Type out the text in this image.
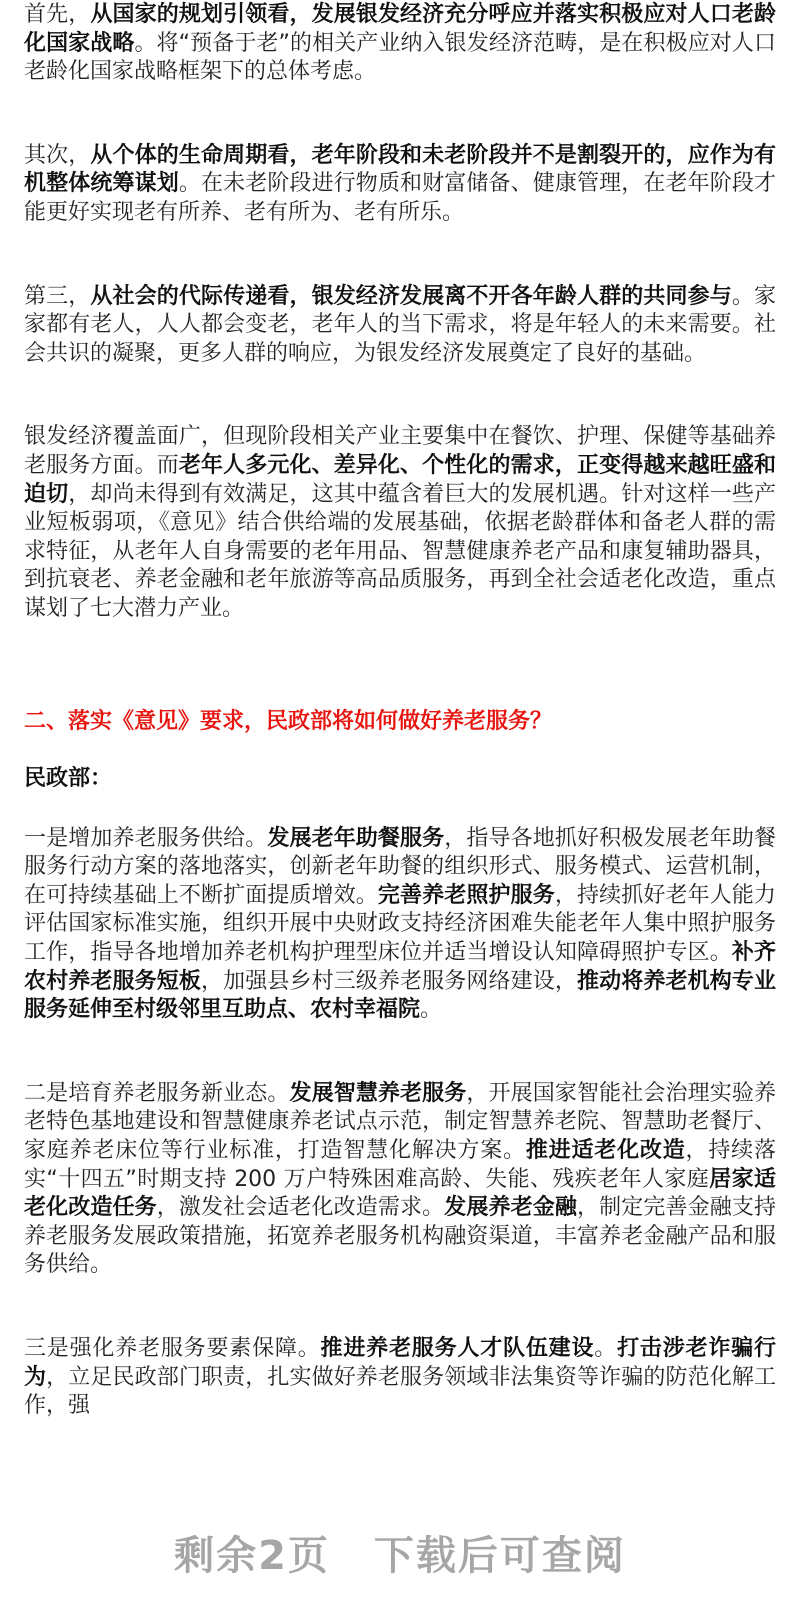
首先，从国家的规划引领看，发展银发经济充分呼应并落实积极应对人口老龄化国家战略。将“预备于老”的相关产业纳入银发经济范畴，是在积极应对人口老龄化国家战略框架下的总体考虑。

其次，从个体的生命周期看，老年阶段和未老阶段并不是割裂开的，应作为有机整体统筹谋划。在未老阶段进行物质和财富储备、健康管理，在老年阶段才能更好实现老有所养、老有所为、老有所乐。

第三，从社会的代际传递看，银发经济发展离不开各年龄人群的共同参与。家家都有老人，人人都会变老，老年人的当下需求，将是年轻人的未来需要。社会共识的凝聚，更多人群的响应，为银发经济发展奠定了良好的基础。

银发经济覆盖面广，但现阶段相关产业主要集中在餐饮、护理、保健等基础养老服务方面。而老年人多元化、差异化、个性化的需求，正变得越来越旺盛和迫切，却尚未得到有效满足，这其中蕴含着巨大的发展机遇。针对这样一些产业短板弱项，《意见》结合供给端的发展基础，依据老龄群体和备老人群的需求特征，从老年人自身需要的老年用品、智慧健康养老产品和康复辅助器具，到抗衰老、养老金融和老年旅游等高品质服务，再到全社会适老化改造，重点谋划了七大潜力产业。

二、落实《意见》要求，民政部将如何做好养老服务？

民政部：

一是增加养老服务供给。发展老年助餐服务，指导各地抓好积极发展老年助餐服务行动方案的落地落实，创新老年助餐的组织形式、服务模式、运营机制，在可持续基础上不断扩面提质增效。完善养老照护服务，持续抓好老年人能力评估国家标准实施，组织开展中央财政支持经济困难失能老年人集中照护服务工作，指导各地增加养老机构护理型床位并适当增设认知障碍照护专区。补齐农村养老服务短板，加强县乡村三级养老服务网络建设，推动将养老机构专业服务延伸至村级邻里互助点、农村幸福院。

二是培育养老服务新业态。发展智慧养老服务，开展国家智能社会治理实验养老特色基地建设和智慧健康养老试点示范，制定智慧养老院、智慧助老餐厅、家庭养老床位等行业标准，打造智慧化解决方案。推进适老化改造，持续落实“十四五”时期支持 200 万户特殊困难高龄、失能、残疾老年人家庭居家适老化改造任务，激发社会适老化改造需求。发展养老金融，制定完善金融支持养老服务发展政策措施，拓宽养老服务机构融资渠道，丰富养老金融产品和服务供给。

三是强化养老服务要素保障。推进养老服务人才队伍建设。打击涉老诈骗行为，立足民政部门职责，扎实做好养老服务领域非法集资等诈骗的防范化解工作，强

剩余2页 下载后可查阅
